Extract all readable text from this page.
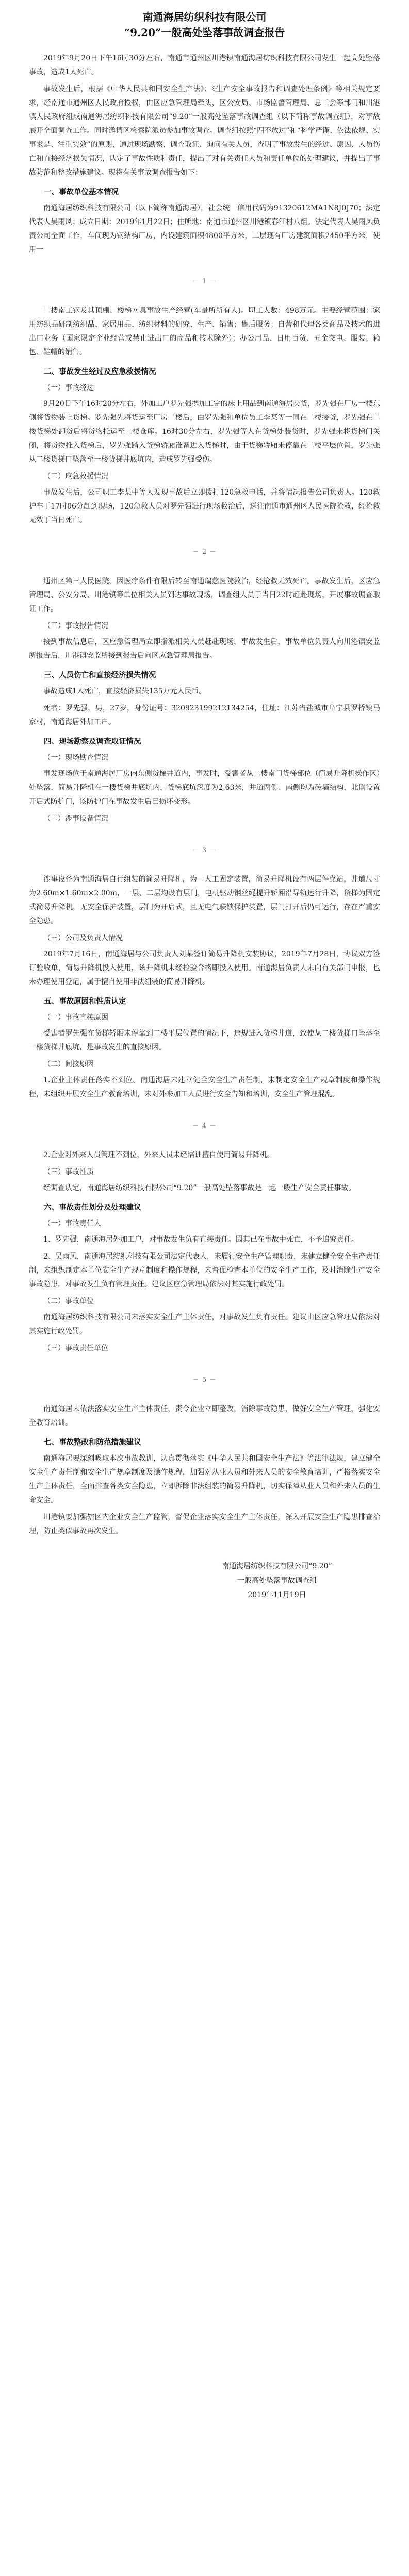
南通海居纺织科技有限公司
“9.20”一般高处坠落事故调查报告

2019年9月20日下午16时30分左右，南通市通州区川港镇南通海居纺织科技有限公司发生一起高处坠落事故，造成1人死亡。

事故发生后，根据《中华人民共和国安全生产法》、《生产安全事故报告和调查处理条例》等相关规定要求，经南通市通州区人民政府授权，由区应急管理局牵头，区公安局、市场监督管理局、总工会等部门和川港镇人民政府组成南通海居纺织科技有限公司“9.20”一般高处坠落事故调查组（以下简称事故调查组），对事故展开全面调查工作。同时邀请区检察院派员参加事故调查。调查组按照“四不放过”和“科学严谨、依法依规、实事求是、注重实效”的原则，通过现场勘察、调查取证、询问有关人员，查明了事故发生的经过、原因、人员伤亡和直接经济损失情况，认定了事故性质和责任，提出了对有关责任人员和责任单位的处理建议，并提出了事故防范和整改措施建议。现将有关事故调查报告如下：

一、事故单位基本情况

南通海居纺织科技有限公司（以下简称南通海居），社会统一信用代码为91320612MA1N8J0J70；法定代表人吴雨风；成立日期：2019年1月22日；住所地：南通市通州区川港镇春江村八组。法定代表人吴雨风负责公司全面工作，车间现为钢结构厂房，内设建筑面积4800平方米，二层现有厂房建筑面积2450平方米，使用一

－ 1 －

二楼南工钢及其顶棚、楼梯网具事故生产经营(车量所所有人)。职工人数：498万元。主要经营范围：家用纺织品研制纺织品、家居用品、纺织材料的研究、生产、销售；售后服务；自营和代理各类商品及技术的进出口业务（国家限定企业经营或禁止进出口的商品和技术除外）；办公用品、日用百货、五金交电、服装、箱包、鞋帽的销售。

二、事故发生经过及应急救援情况
（一）事故经过

9月20日下午16时20分左右，外加工户罗先强携加工完的床上用品到南通海居交货，罗先强在厂房一楼东侧将货物装上货梯。罗先强先将货运至厂房二楼后，由罗先强和单位员工李某等一同在二楼接货，罗先强在二楼货梯处卸货后将货物托运至二楼仓库。16时30分左右，罗先强等人在货梯处装货时，罗先强未将货梯门关闭，将货物推入货梯后，罗先强踏入货梯轿厢准备进入货梯时，由于货梯轿厢未停靠在二楼平层位置，罗先强从二楼货梯口坠落至一楼货梯井底坑内，造成罗先强受伤。

（二）应急救援情况

事故发生后，公司职工李某中等人发现事故后立即拨打120急救电话，并将情况报告公司负责人。120救护车于17时06分赶到现场，120急救人员对罗先强进行现场救治后，送往南通市通州区人民医院抢救，经抢救无效于当日死亡。

－ 2 －

通州区第三人民医院。因医疗条件有限后转至南通瑞慈医院救治，经抢救无效死亡。事故发生后，区应急管理局、公安分局、川港镇等单位相关人员到达事故现场，调查组人员于当日22时赶赴现场，开展事故调查取证工作。

（三）事故报告情况

接到事故信息后，区应急管理局立即指派相关人员赶赴现场，事故发生后，事故单位负责人向川港镇安监所报告后，川港镇安监所接到报告后向区应急管理局报告。

三、人员伤亡和直接经济损失情况

事故造成1人死亡，直接经济损失135万元人民币。

死者：罗先强，男，27岁，身份证号：320923199212134254，住址：江苏省盐城市阜宁县罗桥镇马家村，南通海居外加工户。

四、现场勘察及调查取证情况
（一）现场勘查情况

事发现场位于南通海居厂房内东侧货梯井道内，事发时，受害者从二楼南门货梯部位（简易升降机操作区）处坠落，简易升降机在一楼货梯井底坑内，货梯底坑深度为2.63米，井道两侧、南侧均为砖墙结构，北侧设置开启式防护门，该防护门在事故发生后已损坏变形。

（二）涉事设备情况
－ 3 －

涉事设备为南通海居自行组装的简易升降机，为一人工固定装置，简易升降机设有两层停靠站，井道尺寸为2.60m×1.60m×2.00m，一层、二层均设有层门，电机驱动钢丝绳提升轿厢沿导轨运行升降，货梯为固定式简易升降机，无安全保护装置，层门为开启式，且无电气联锁保护装置，层门打开后仍可运行，存在严重安全隐患。

（三）公司及负责人情况

2019年7月16日，南通海居与公司负责人刘某签订简易升降机安装协议，2019年7月28日，协议双方签订验收单，简易升降机投入使用，该升降机未经检验合格即投入使用。南通海居负责人未向有关部门申报，也未办理使用登记，属于擅自使用非法组装的简易升降机。

五、事故原因和性质认定
（一）事故直接原因

受害者罗先强在货梯轿厢未停靠到二楼平层位置的情况下，违规进入货梯井道，致使从二楼货梯口坠落至一楼货梯井底坑，是事故发生的直接原因。

（二）间接原因

1.企业主体责任落实不到位。南通海居未建立健全安全生产责任制，未制定安全生产规章制度和操作规程，未组织开展安全生产教育培训，未对外来加工人员进行安全告知和培训，安全生产管理混乱。

－ 4 －

2.企业对外来人员管理不到位，外来人员未经培训擅自使用简易升降机。

（三）事故性质

经调查认定，南通海居纺织科技有限公司“9.20”一般高处坠落事故是一起一般生产安全责任事故。

六、事故责任划分及处理建议
（一）事故责任人

1、罗先强，南通海居外加工户，对事故发生负有直接责任。因其已在事故中死亡，不予追究责任。

2、吴雨风，南通海居纺织科技有限公司法定代表人，未履行安全生产管理职责，未建立健全安全生产责任制，未组织制定本单位安全生产规章制度和操作规程，未督促检查本单位的安全生产工作，及时消除生产安全事故隐患，对事故发生负有管理责任。建议区应急管理局依法对其实施行政处罚。

（二）事故单位

南通海居纺织科技有限公司未落实安全生产主体责任，对事故发生负有责任。建议由区应急管理局依法对其实施行政处罚。

（三）事故责任单位
－ 5 －

南通海居未依法落实安全生产主体责任，责令企业立即整改，消除事故隐患，做好安全生产管理，强化安全教育培训。

七、事故整改和防范措施建议

南通海居要深刻吸取本次事故教训，认真贯彻落实《中华人民共和国安全生产法》等法律法规，建立健全安全生产责任制和安全生产规章制度及操作规程，加强对从业人员和外来人员的安全教育培训，严格落实安全生产主体责任，全面排查各类安全隐患，立即拆除非法组装的简易升降机，切实保障从业人员和外来人员的生命安全。

川港镇要加强辖区内企业安全生产监管，督促企业落实安全生产主体责任，深入开展安全生产隐患排查治理，防止类似事故再次发生。

南通海居纺织科技有限公司“9.20”
一般高处坠落事故调查组
2019年11月19日
